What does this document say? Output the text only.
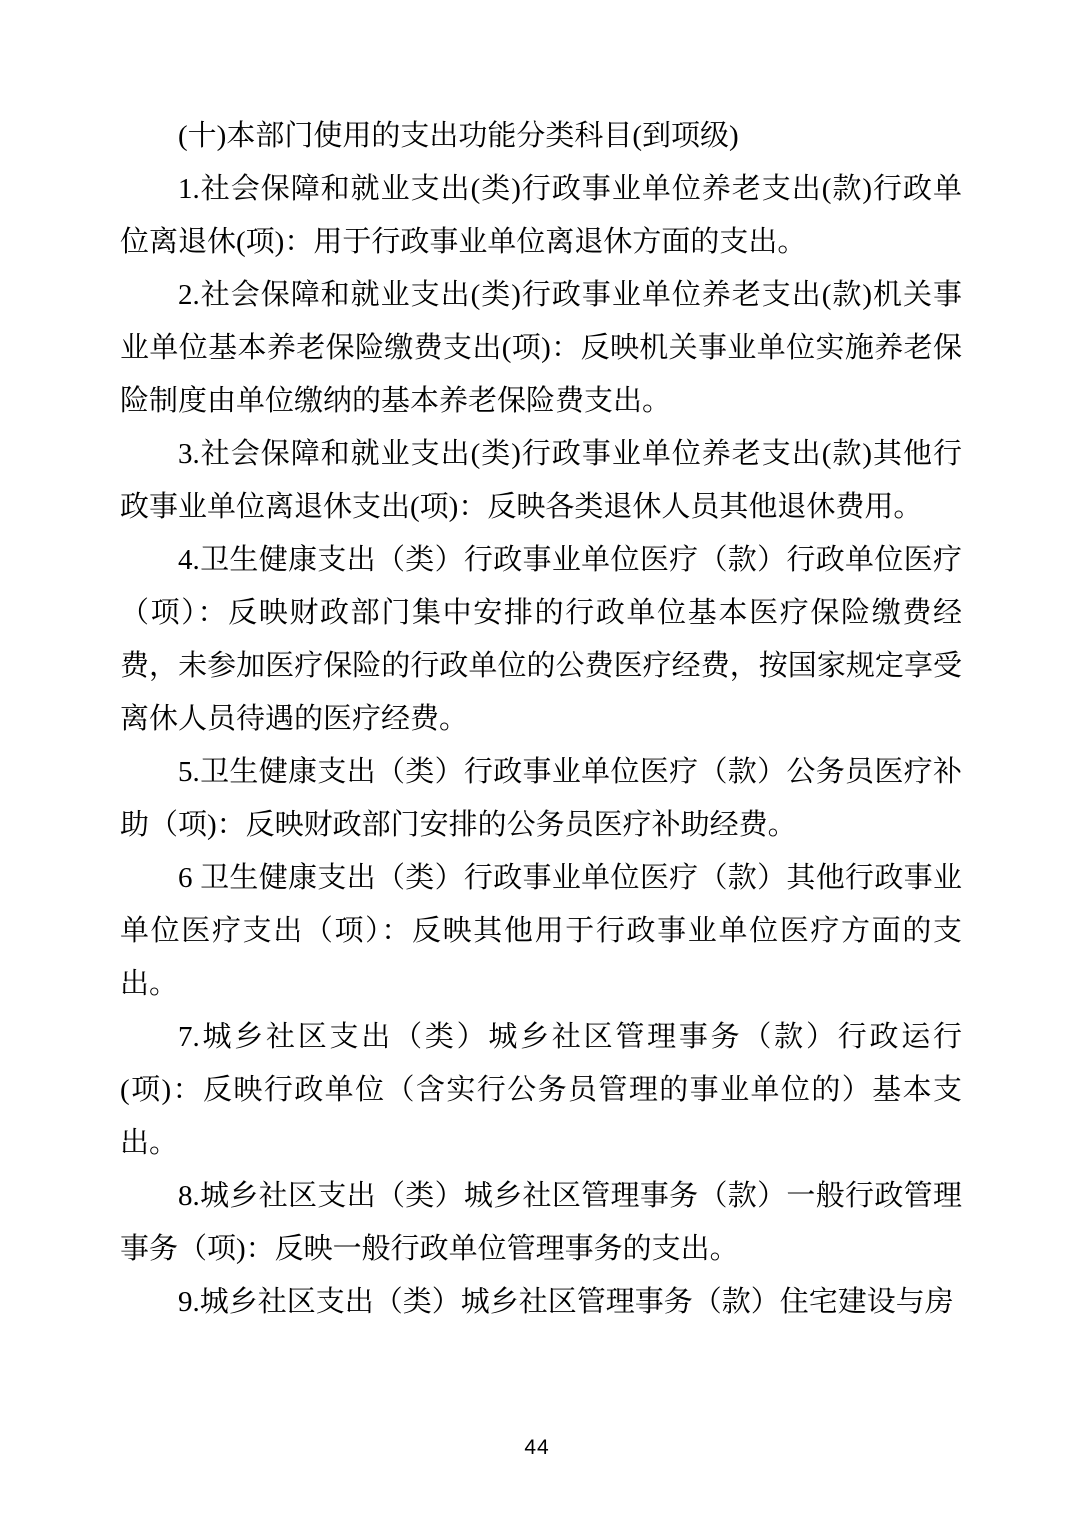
(十)本部门使用的支出功能分类科目(到项级)

1.社会保障和就业支出(类)行政事业单位养老支出(款)行政单位离退休(项)：用于行政事业单位离退休方面的支出。

2.社会保障和就业支出(类)行政事业单位养老支出(款)机关事业单位基本养老保险缴费支出(项)：反映机关事业单位实施养老保险制度由单位缴纳的基本养老保险费支出。

3.社会保障和就业支出(类)行政事业单位养老支出(款)其他行政事业单位离退休支出(项)：反映各类退休人员其他退休费用。

4.卫生健康支出（类）行政事业单位医疗（款）行政单位医疗（项）：反映财政部门集中安排的行政单位基本医疗保险缴费经费，未参加医疗保险的行政单位的公费医疗经费，按国家规定享受离休人员待遇的医疗经费。

5.卫生健康支出（类）行政事业单位医疗（款）公务员医疗补助（项)：反映财政部门安排的公务员医疗补助经费。

6 卫生健康支出（类）行政事业单位医疗（款）其他行政事业单位医疗支出（项）：反映其他用于行政事业单位医疗方面的支出。

7.城乡社区支出（类）城乡社区管理事务（款）行政运行(项)：反映行政单位（含实行公务员管理的事业单位的）基本支出。

8.城乡社区支出（类）城乡社区管理事务（款）一般行政管理事务（项)：反映一般行政单位管理事务的支出。

9.城乡社区支出（类）城乡社区管理事务（款）住宅建设与房

44
